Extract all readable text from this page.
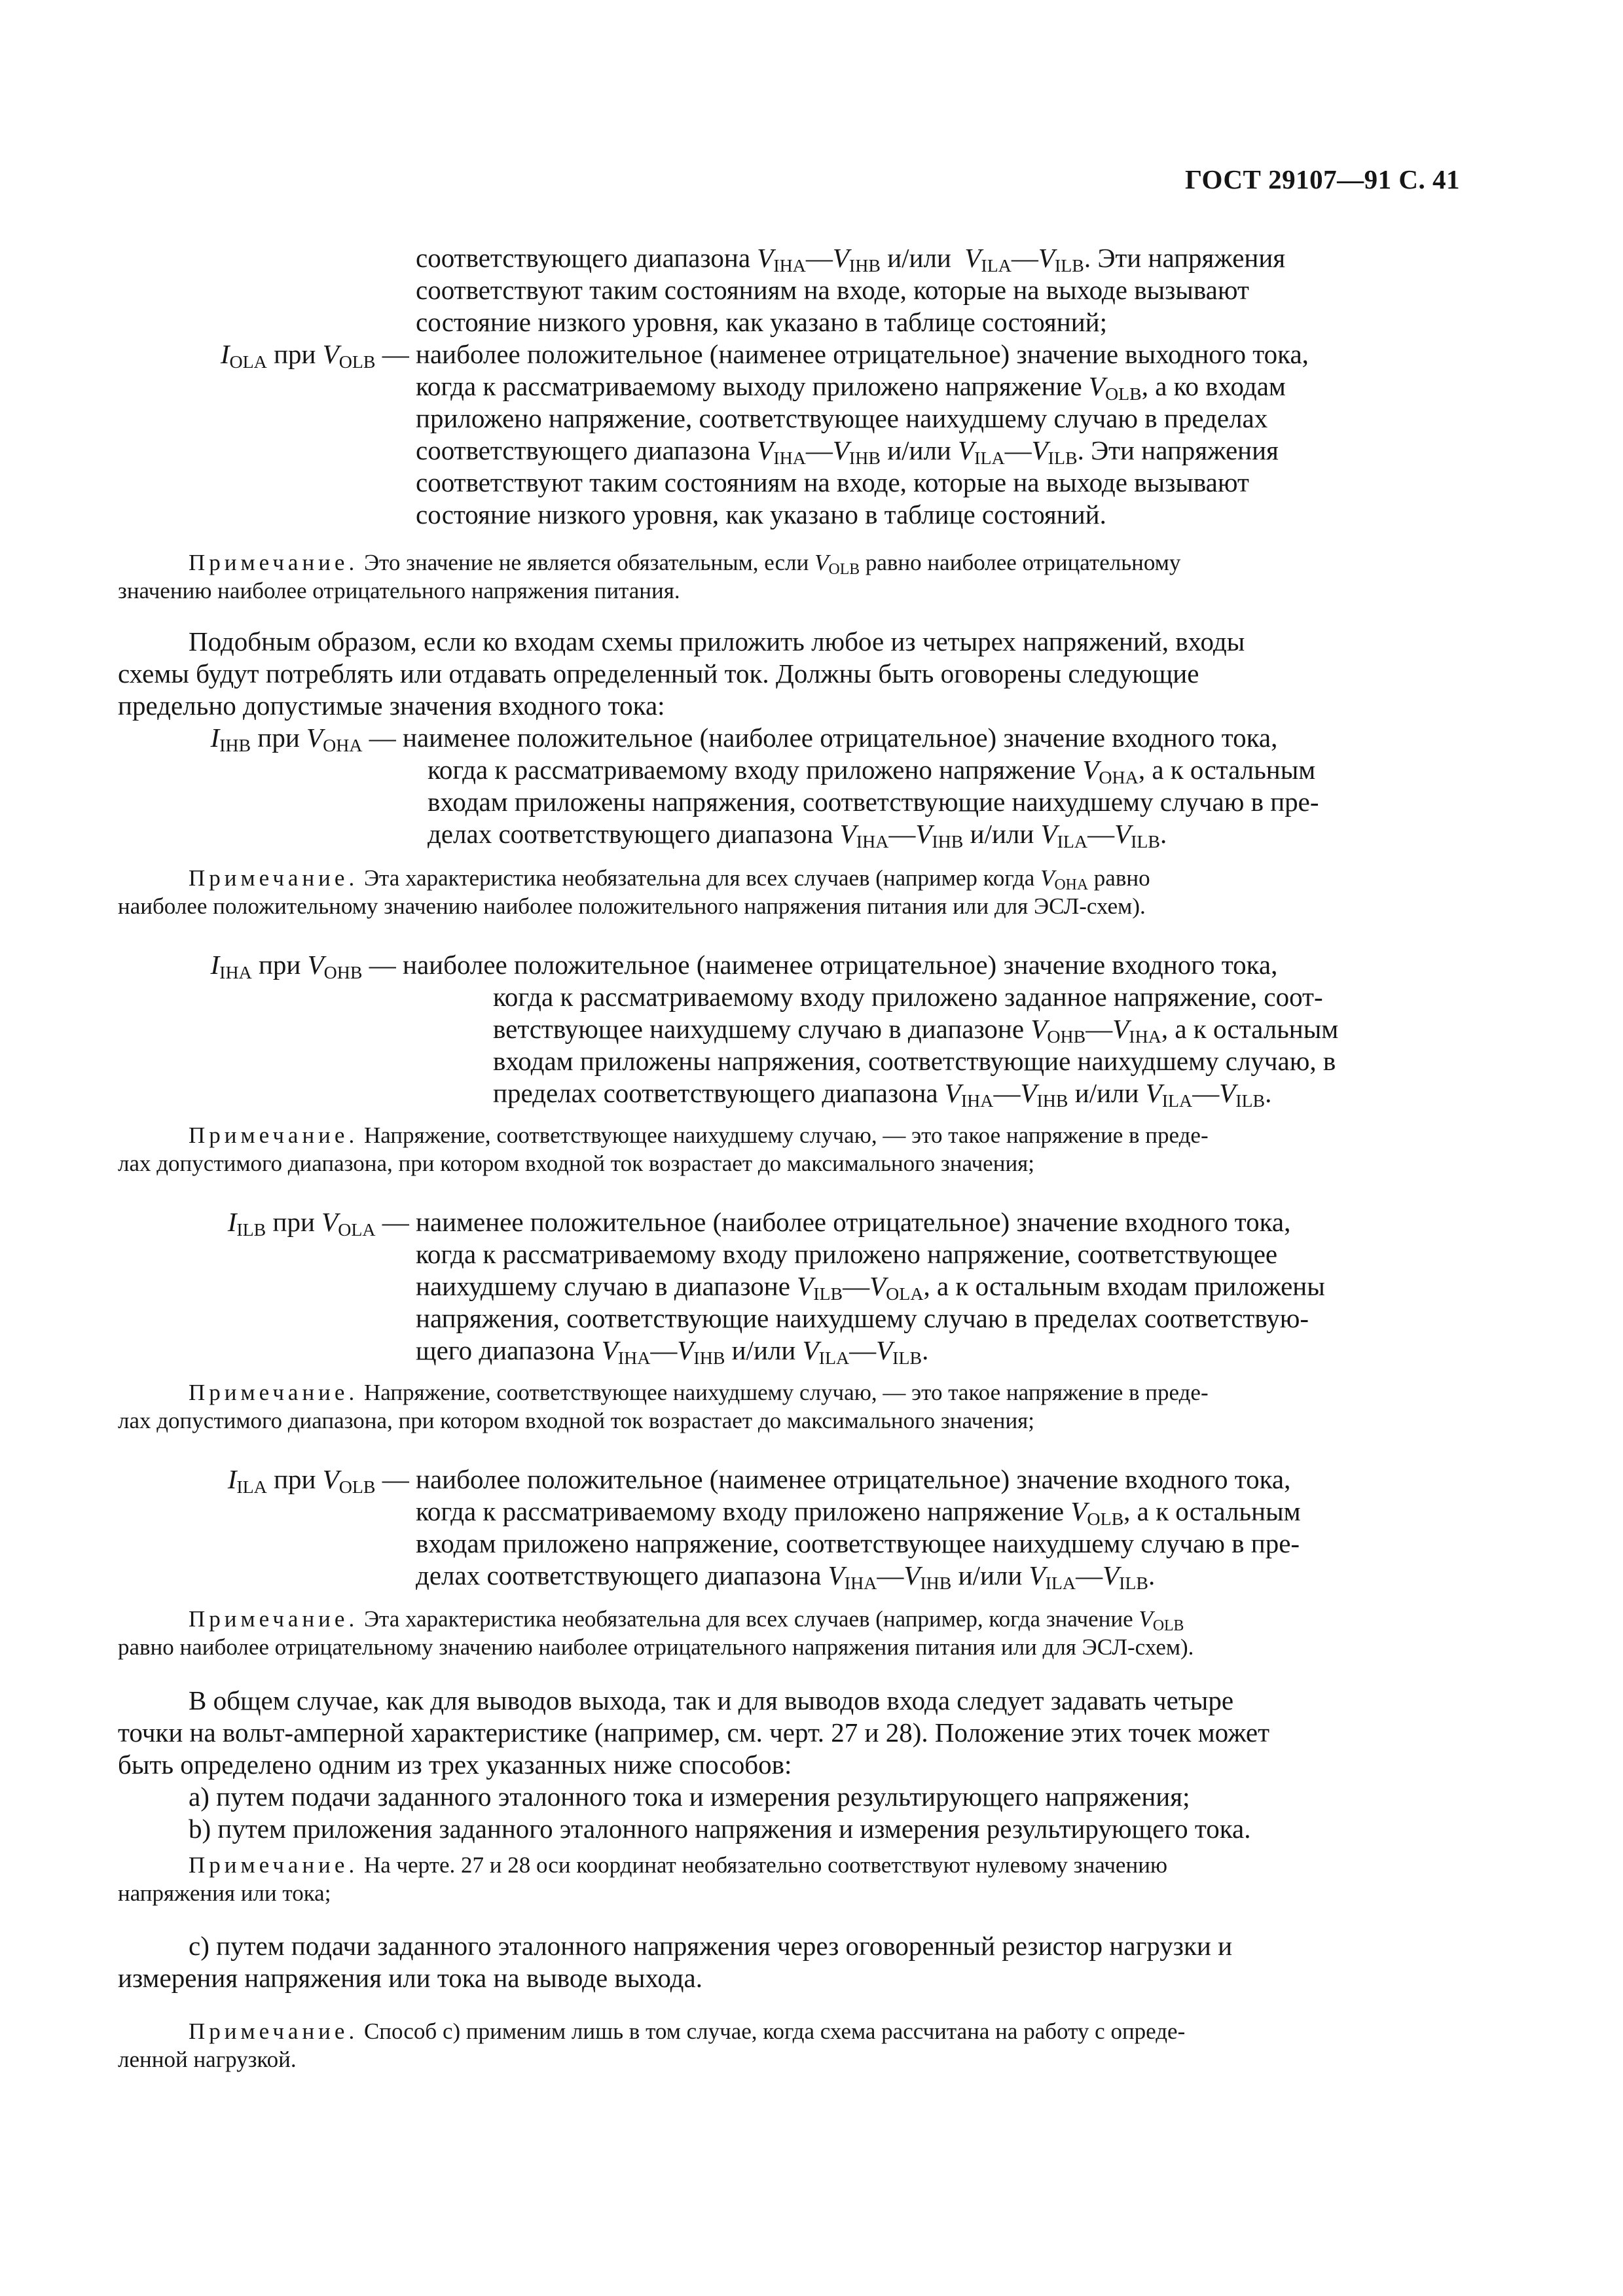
ГОСТ 29107—91 С. 41
соответствующего диапазона $V_{IHA}—V_{IHB}$ и/или $V_{ILA}—V_{ILB}$. Эти напряжения
соответствуют таким состояниям на входе, которые на выходе вызывают
состояние низкого уровня, как указано в таблице состояний;
$I_{OLA}$ при $V_{OLB}$ — наиболее положительное (наименее отрицательное) значение выходного тока,
когда к рассматриваемому выходу приложено напряжение $V_{OLB}$, а ко входам
приложено напряжение, соответствующее наихудшему случаю в пределах
соответствующего диапазона $V_{IHA}—V_{IHB}$ и/или $V_{ILA}—V_{ILB}$. Эти напряжения
соответствуют таким состояниям на входе, которые на выходе вызывают
состояние низкого уровня, как указано в таблице состояний.
Примечание. Это значение не является обязательным, если $V_{OLB}$ равно наиболее отрицательному
значению наиболее отрицательного напряжения питания.
Подобным образом, если ко входам схемы приложить любое из четырех напряжений, входы
схемы будут потреблять или отдавать определенный ток. Должны быть оговорены следующие
предельно допустимые значения входного тока:
$I_{IHB}$ при $V_{OHA}$ — наименее положительное (наиболее отрицательное) значение входного тока,
когда к рассматриваемому входу приложено напряжение $V_{OHA}$, а к остальным
входам приложены напряжения, соответствующие наихудшему случаю в пре-
делах соответствующего диапазона $V_{IHA}—V_{IHB}$ и/или $V_{ILA}—V_{ILB}$.
Примечание. Эта характеристика необязательна для всех случаев (например когда $V_{OHA}$ равно
наиболее положительному значению наиболее положительного напряжения питания или для ЭСЛ-схем).
$I_{IHA}$ при $V_{OHB}$ — наиболее положительное (наименее отрицательное) значение входного тока,
когда к рассматриваемому входу приложено заданное напряжение, соот-
ветствующее наихудшему случаю в диапазоне $V_{OHB}—V_{IHA}$, а к остальным
входам приложены напряжения, соответствующие наихудшему случаю, в
пределах соответствующего диапазона $V_{IHA}—V_{IHB}$ и/или $V_{ILA}—V_{ILB}$.
Примечание. Напряжение, соответствующее наихудшему случаю, — это такое напряжение в преде-
лах допустимого диапазона, при котором входной ток возрастает до максимального значения;
$I_{ILB}$ при $V_{OLA}$ — наименее положительное (наиболее отрицательное) значение входного тока,
когда к рассматриваемому входу приложено напряжение, соответствующее
наихудшему случаю в диапазоне $V_{ILB}—V_{OLA}$, а к остальным входам приложены
напряжения, соответствующие наихудшему случаю в пределах соответствую-
щего диапазона $V_{IHA}—V_{IHB}$ и/или $V_{ILA}—V_{ILB}$.
Примечание. Напряжение, соответствующее наихудшему случаю, — это такое напряжение в преде-
лах допустимого диапазона, при котором входной ток возрастает до максимального значения;
$I_{ILA}$ при $V_{OLB}$ — наиболее положительное (наименее отрицательное) значение входного тока,
когда к рассматриваемому входу приложено напряжение $V_{OLB}$, а к остальным
входам приложено напряжение, соответствующее наихудшему случаю в пре-
делах соответствующего диапазона $V_{IHA}—V_{IHB}$ и/или $V_{ILA}—V_{ILB}$.
Примечание. Эта характеристика необязательна для всех случаев (например, когда значение $V_{OLB}$
равно наиболее отрицательному значению наиболее отрицательного напряжения питания или для ЭСЛ-схем).
В общем случае, как для выводов выхода, так и для выводов входа следует задавать четыре
точки на вольт-амперной характеристике (например, см. черт. 27 и 28). Положение этих точек может
быть определено одним из трех указанных ниже способов:
a) путем подачи заданного эталонного тока и измерения результирующего напряжения;
b) путем приложения заданного эталонного напряжения и измерения результирующего тока.
Примечание. На черте. 27 и 28 оси координат необязательно соответствуют нулевому значению
напряжения или тока;
с) путем подачи заданного эталонного напряжения через оговоренный резистор нагрузки и
измерения напряжения или тока на выводе выхода.
Примечание. Способ с) применим лишь в том случае, когда схема рассчитана на работу с опреде-
ленной нагрузкой.
